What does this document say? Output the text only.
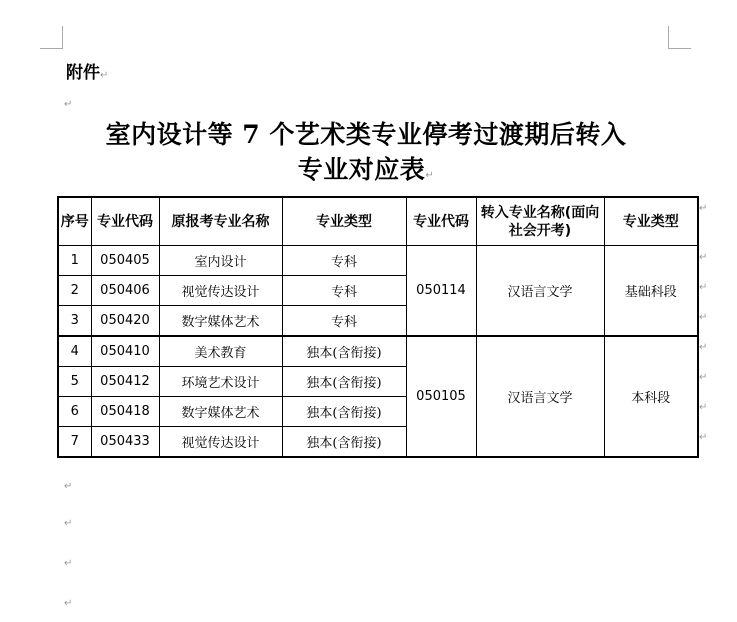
附件↵
↵
室内设计等 7 个艺术类专业停考过渡期后转入
专业对应表↵
序号	专业代码	原报考专业名称	专业类型	专业代码	转入专业名称(面向社会开考)	专业类型
1	050405	室内设计	专科	050114	汉语言文学	基础科段
2	050406	视觉传达设计	专科			
3	050420	数字媒体艺术	专科			
4	050410	美术教育	独本(含衔接)	050105	汉语言文学	本科段
5	050412	环境艺术设计	独本(含衔接)			
6	050418	数字媒体艺术	独本(含衔接)			
7	050433	视觉传达设计	独本(含衔接)			
↵
↵
↵
↵
↵
↵
↵
↵
↵
↵
↵
↵
